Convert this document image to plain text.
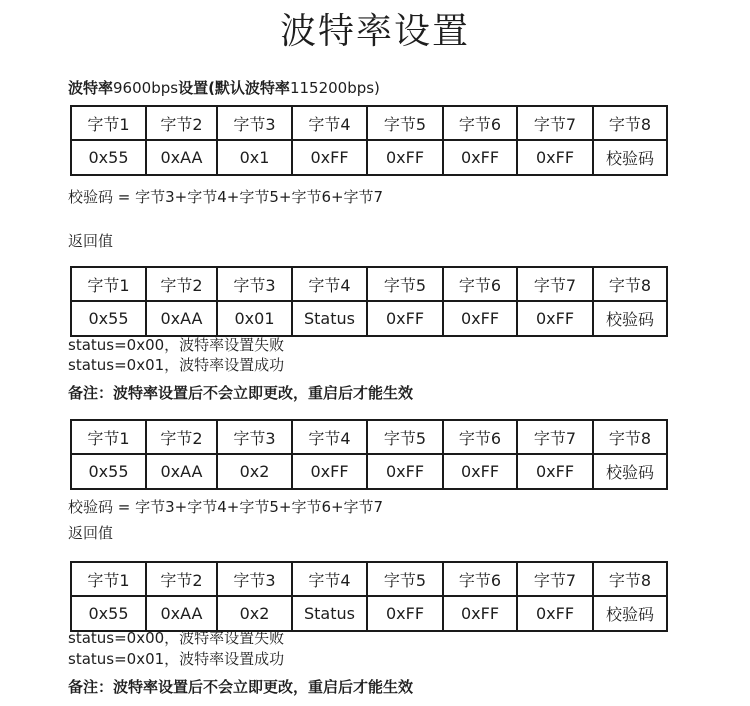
波特率设置
波特率9600bps设置(默认波特率115200bps)
字节1	字节2	字节3	字节4	字节5	字节6	字节7	字节8
0x55	0xAA	0x1	0xFF	0xFF	0xFF	0xFF	校验码
校验码 = 字节3+字节4+字节5+字节6+字节7
返回值
字节1	字节2	字节3	字节4	字节5	字节6	字节7	字节8
0x55	0xAA	0x01	Status	0xFF	0xFF	0xFF	校验码
status=0x00，波特率设置失败
status=0x01，波特率设置成功
备注：波特率设置后不会立即更改，重启后才能生效
字节1	字节2	字节3	字节4	字节5	字节6	字节7	字节8
0x55	0xAA	0x2	0xFF	0xFF	0xFF	0xFF	校验码
校验码 = 字节3+字节4+字节5+字节6+字节7
返回值
字节1	字节2	字节3	字节4	字节5	字节6	字节7	字节8
0x55	0xAA	0x2	Status	0xFF	0xFF	0xFF	校验码
status=0x00，波特率设置失败
status=0x01，波特率设置成功
备注：波特率设置后不会立即更改，重启后才能生效
